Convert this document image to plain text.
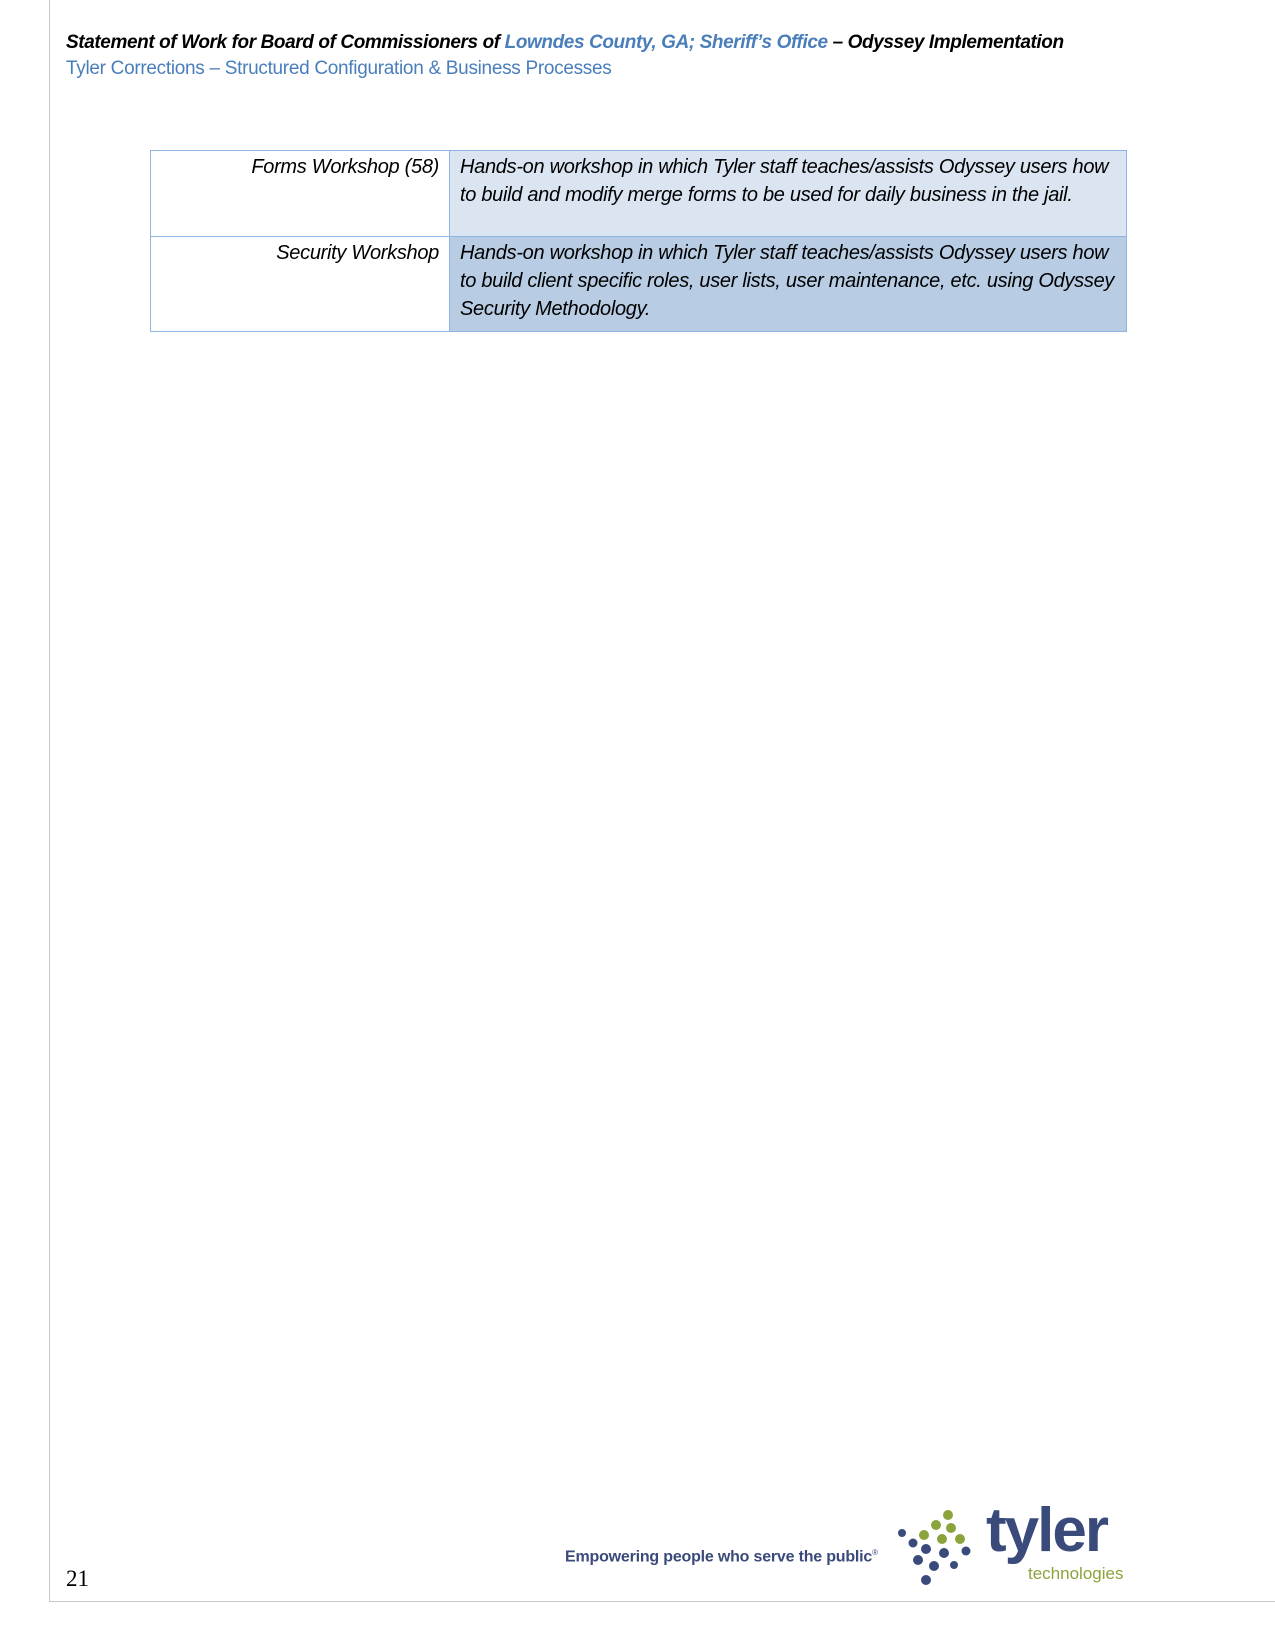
Statement of Work for Board of Commissioners of Lowndes County, GA; Sheriff’s Office – Odyssey Implementation
Tyler Corrections – Structured Configuration & Business Processes
Forms Workshop (58)	Hands-on workshop in which Tyler staff teaches/assists Odyssey users how to build and modify merge forms to be used for daily business in the jail.
Security Workshop	Hands-on workshop in which Tyler staff teaches/assists Odyssey users how to build client specific roles, user lists, user maintenance, etc. using Odyssey Security Methodology.
21
Empowering people who serve the public® tyler
technologies
